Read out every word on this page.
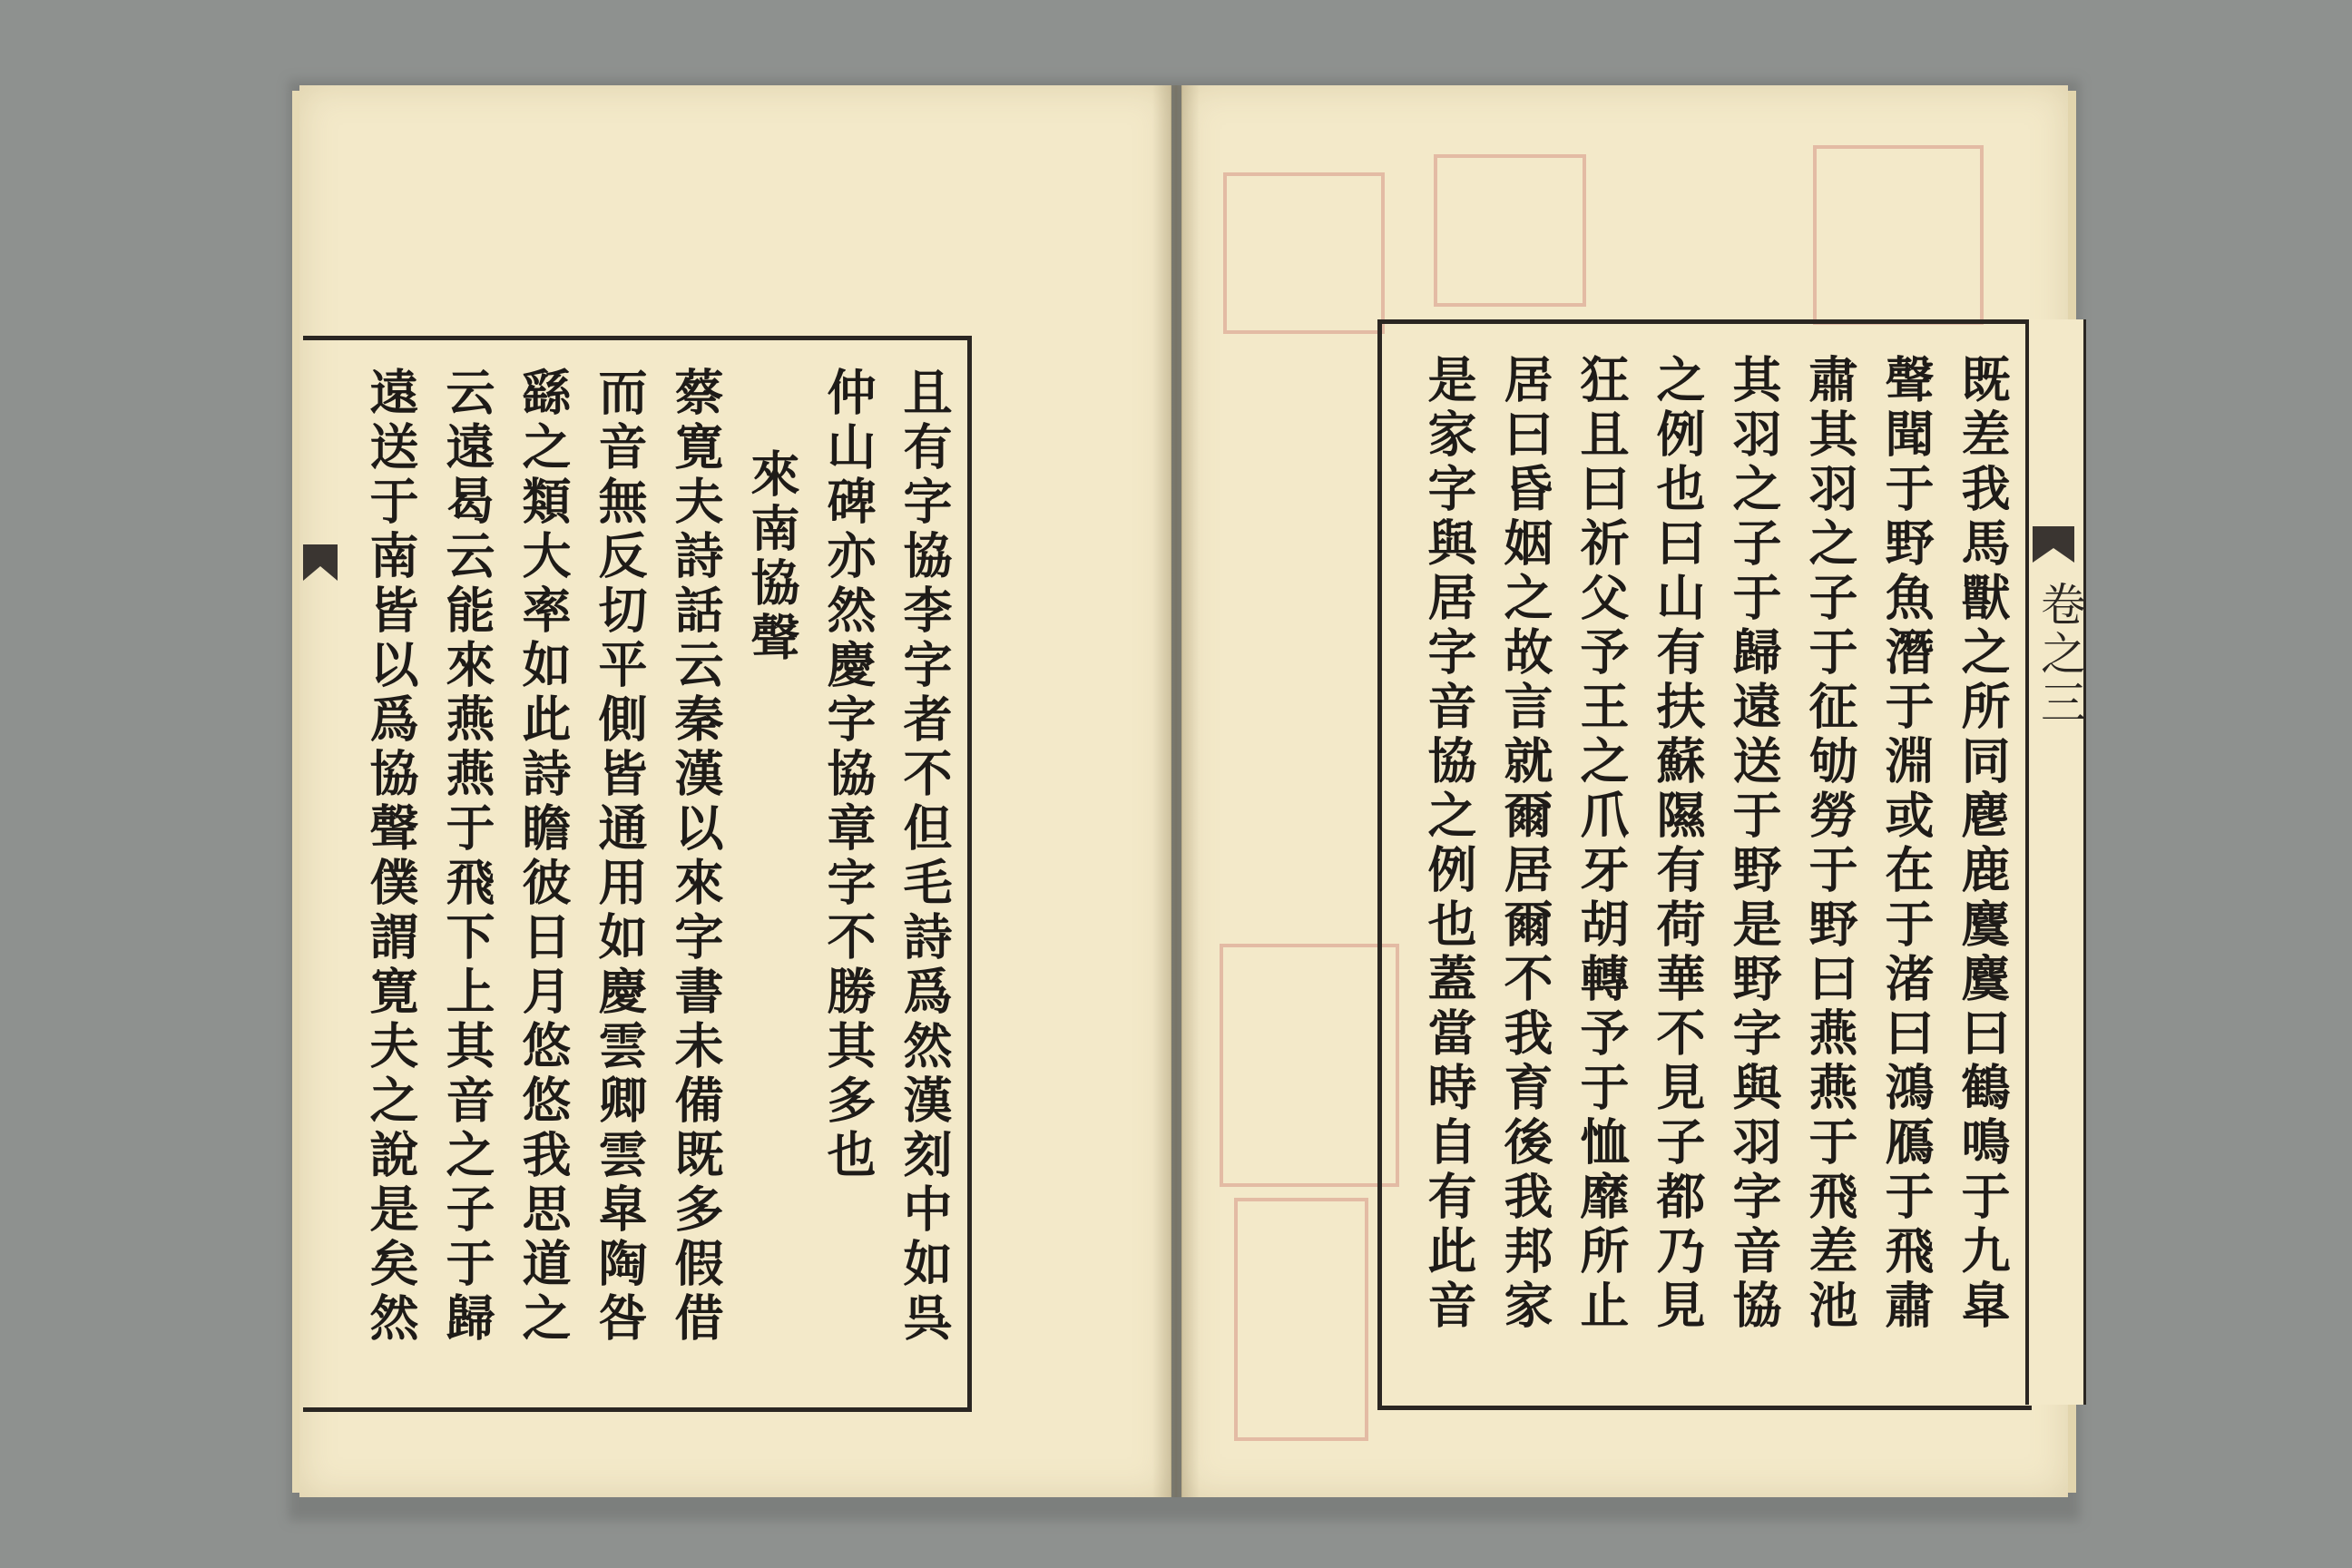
且有字協李字者不但毛詩爲然漢刻中如呉
仲山碑亦然慶字協章字不勝其多也
來南協聲
蔡寛夫詩話云秦漢以來字書未備既多假借
而音無反切平側皆通用如慶雲卿雲皐陶咎
繇之類大率如此詩瞻彼日月悠悠我思道之
云遠曷云能來燕燕于飛下上其音之子于歸
遠送于南皆以爲協聲僕謂寛夫之說是矣然	卷之三
既差我馬獸之所同麀鹿麌麌曰鶴鳴于九皐
聲聞于野魚潛于淵或在于渚曰鴻鴈于飛肅
肅其羽之子于征劬勞于野曰燕燕于飛差池
其羽之子于歸遠送于野是野字與羽字音協
之例也曰山有扶蘇隰有荷華不見子都乃見
狂且曰祈父予王之爪牙胡轉予于恤靡所止
居曰昏姻之故言就爾居爾不我育後我邦家
是家字與居字音協之例也蓋當時自有此音
